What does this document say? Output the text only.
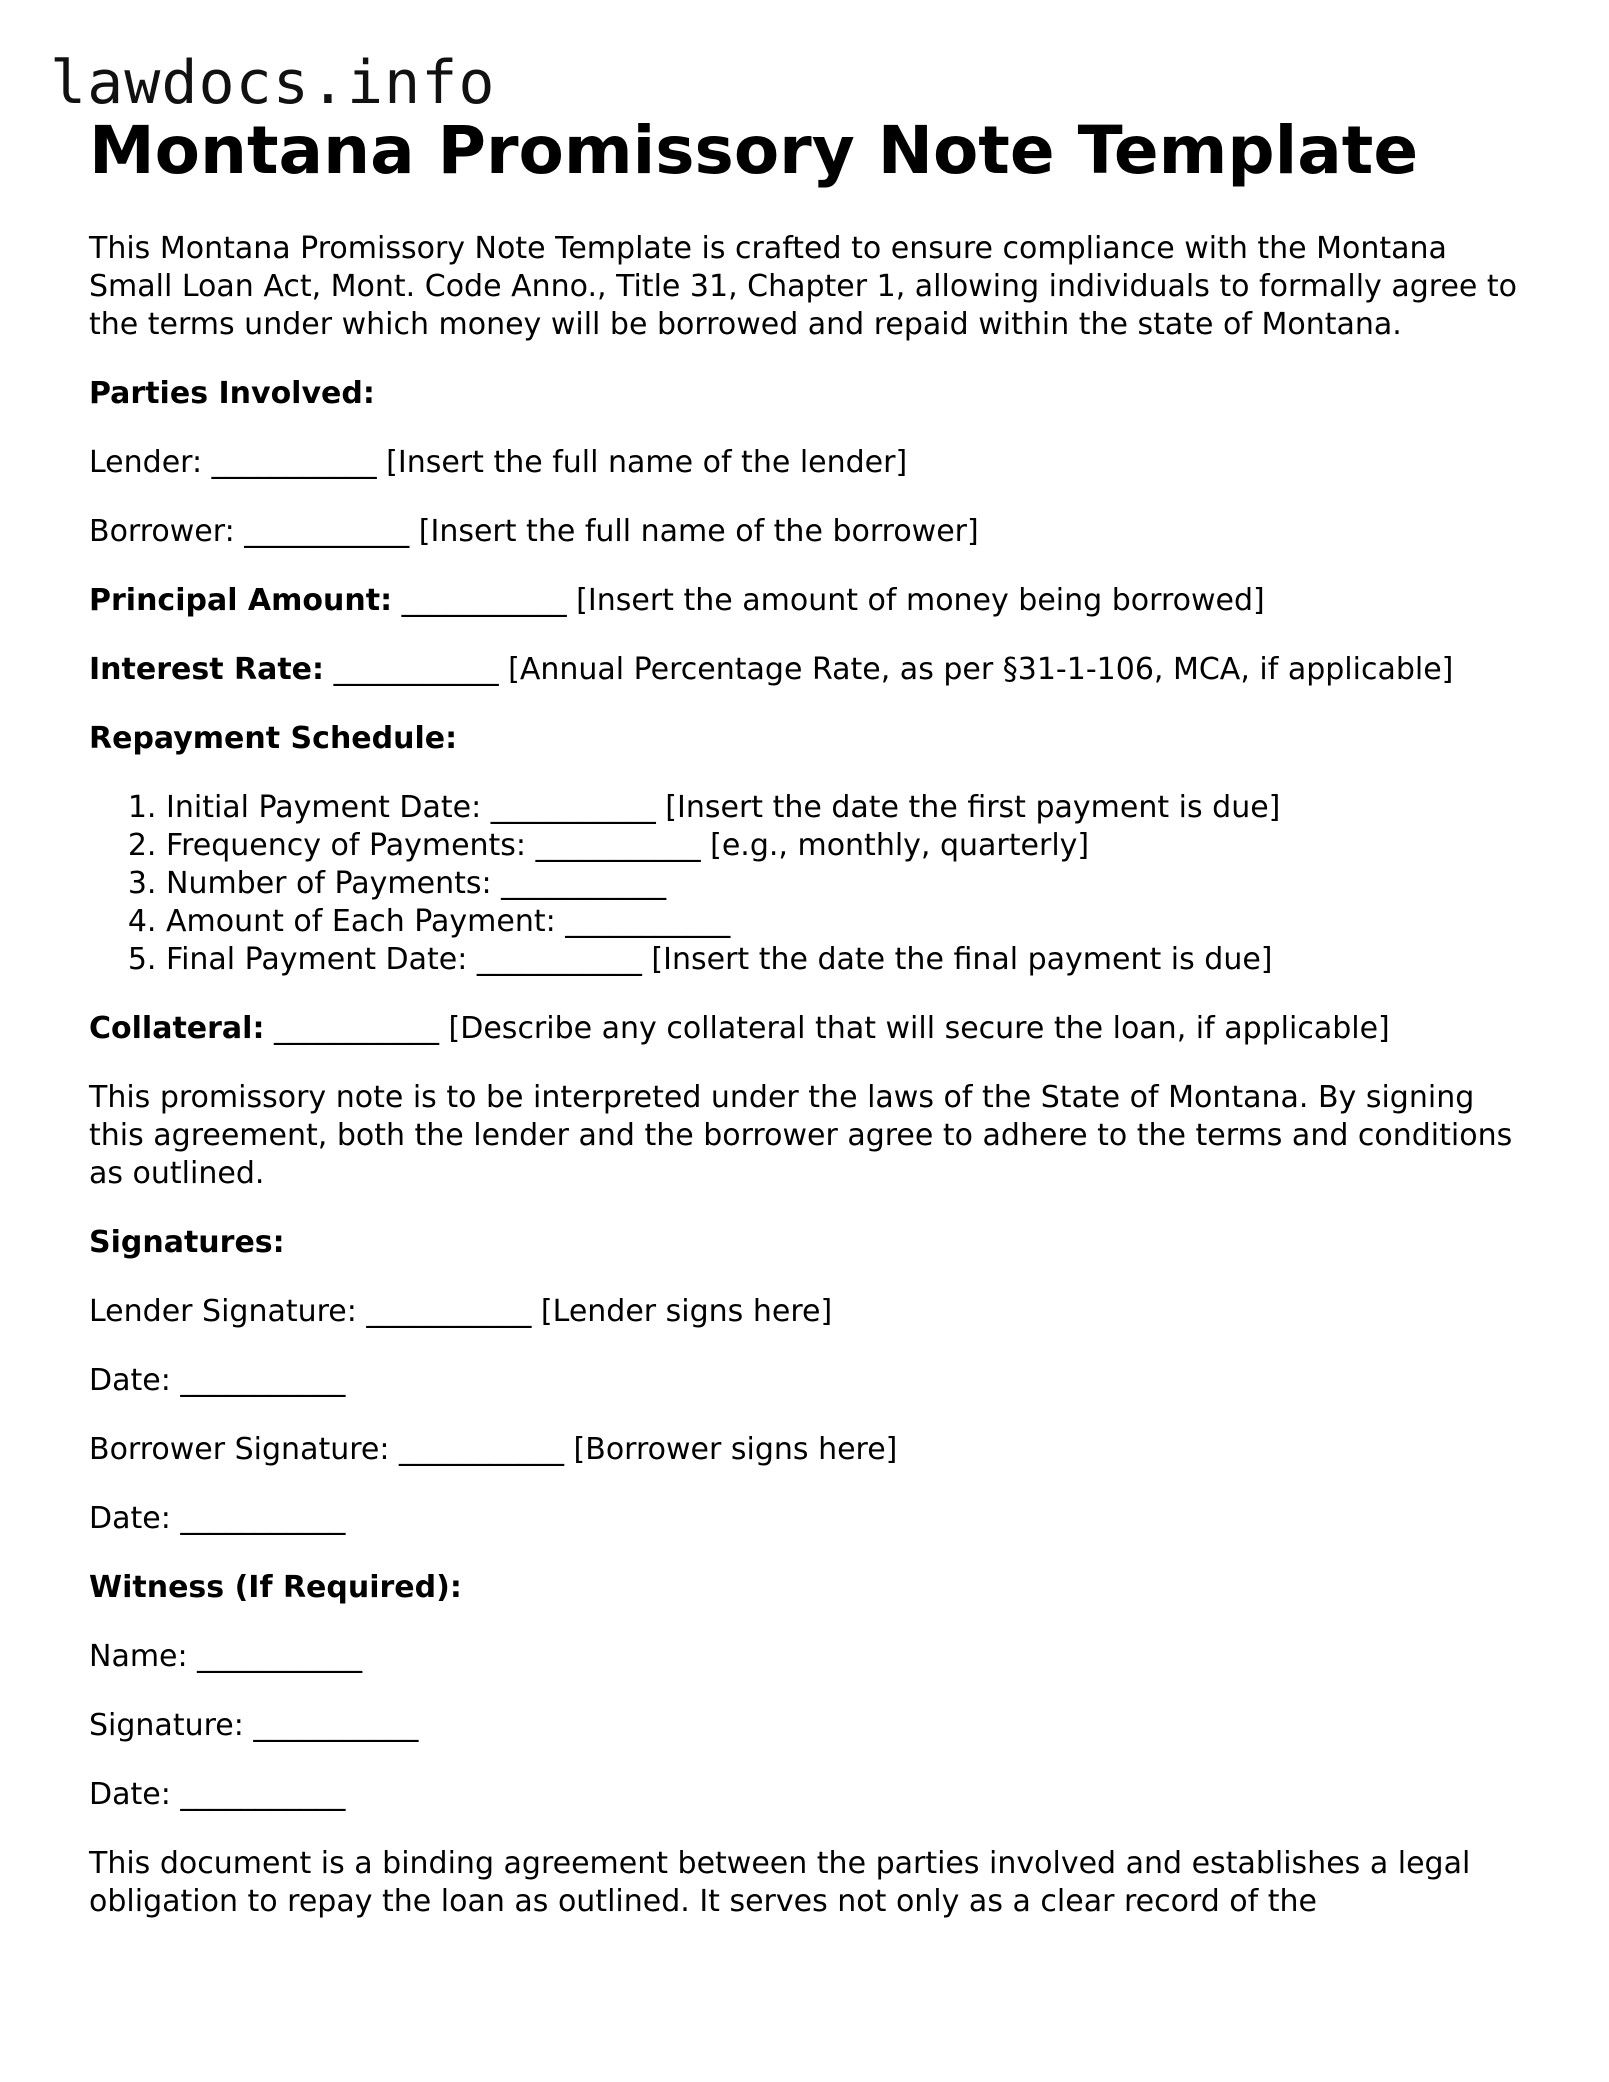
lawdocs.info
Montana Promissory Note Template

This Montana Promissory Note Template is crafted to ensure compliance with the Montana Small Loan Act, Mont. Code Anno., Title 31, Chapter 1, allowing individuals to formally agree to the terms under which money will be borrowed and repaid within the state of Montana.

Parties Involved:

Lender: ___________ [Insert the full name of the lender]

Borrower: ___________ [Insert the full name of the borrower]

Principal Amount: ___________ [Insert the amount of money being borrowed]

Interest Rate: ___________ [Annual Percentage Rate, as per §31-1-106, MCA, if applicable]

Repayment Schedule:

1. Initial Payment Date: ___________ [Insert the date the first payment is due]
2. Frequency of Payments: ___________ [e.g., monthly, quarterly]
3. Number of Payments: ___________
4. Amount of Each Payment: ___________
5. Final Payment Date: ___________ [Insert the date the final payment is due]

Collateral: ___________ [Describe any collateral that will secure the loan, if applicable]

This promissory note is to be interpreted under the laws of the State of Montana. By signing this agreement, both the lender and the borrower agree to adhere to the terms and conditions as outlined.

Signatures:

Lender Signature: ___________ [Lender signs here]

Date: ___________

Borrower Signature: ___________ [Borrower signs here]

Date: ___________

Witness (If Required):

Name: ___________

Signature: ___________

Date: ___________

This document is a binding agreement between the parties involved and establishes a legal obligation to repay the loan as outlined. It serves not only as a clear record of the
